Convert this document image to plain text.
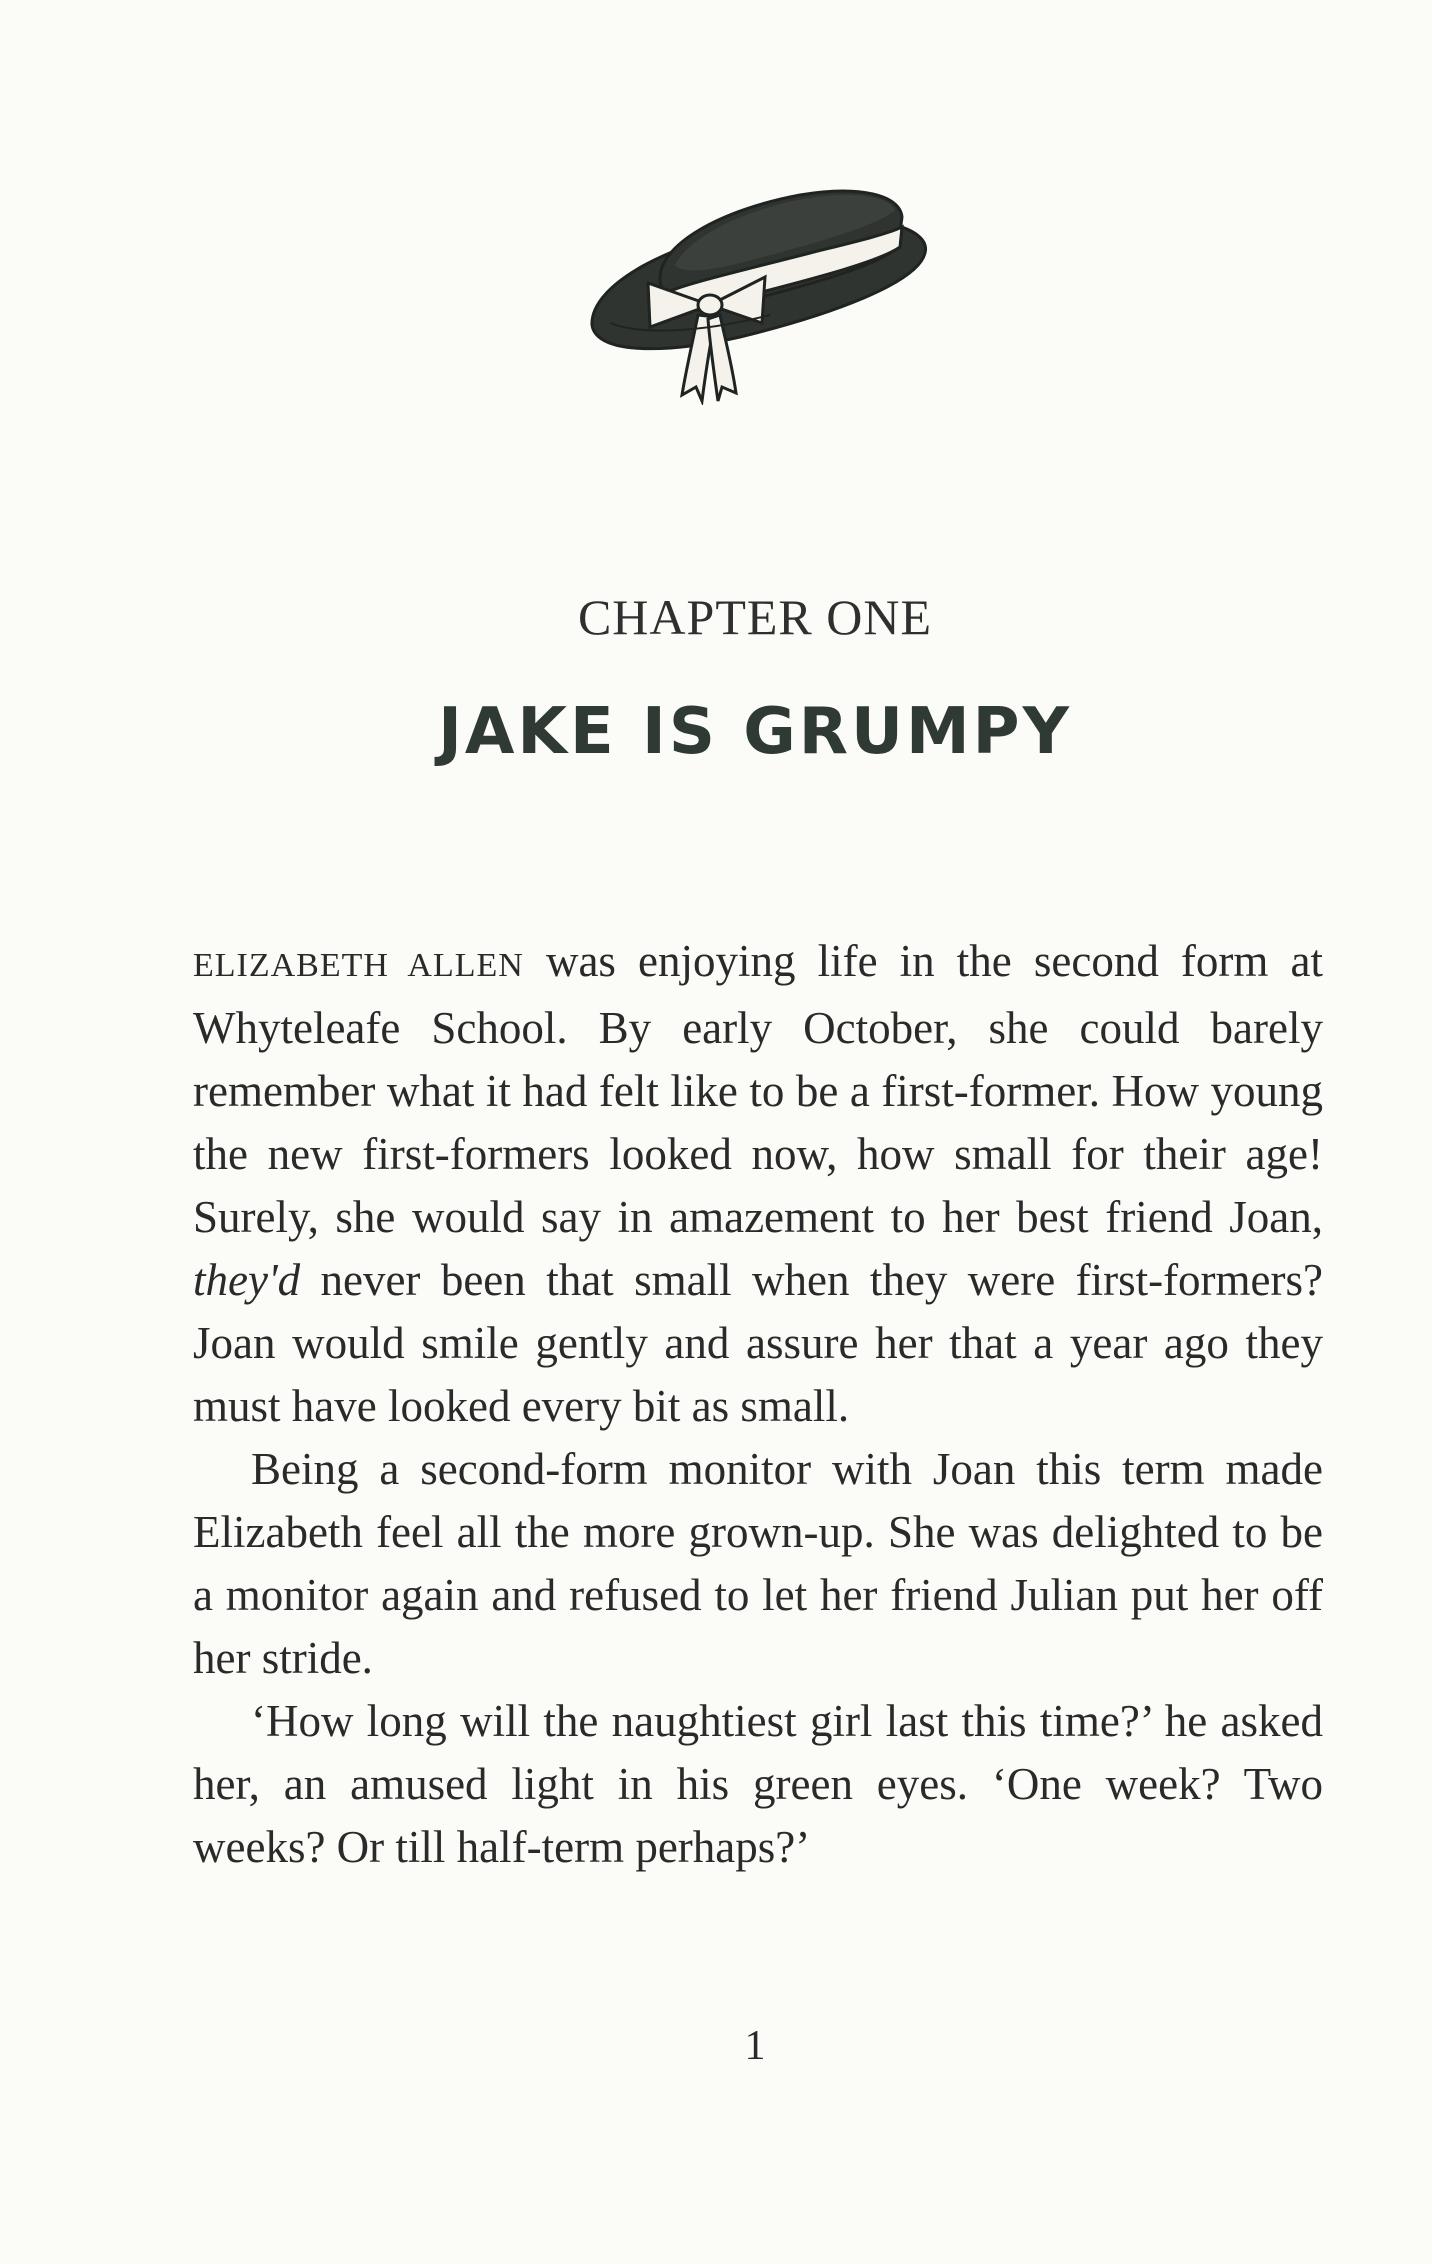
CHAPTER ONE
JAKE IS GRUMPY

ELIZABETH ALLEN was enjoying life in the second form at Whyteleafe School. By early October, she could barely remember what it had felt like to be a first-former. How young the new first-formers looked now, how small for their age! Surely, she would say in amazement to her best friend Joan, they'd never been that small when they were first-formers? Joan would smile gently and assure her that a year ago they must have looked every bit as small.

Being a second-form monitor with Joan this term made Elizabeth feel all the more grown-up. She was delighted to be a monitor again and refused to let her friend Julian put her off her stride.

‘How long will the naughtiest girl last this time?’ he asked her, an amused light in his green eyes. ‘One week? Two weeks? Or till half-term perhaps?’

1
